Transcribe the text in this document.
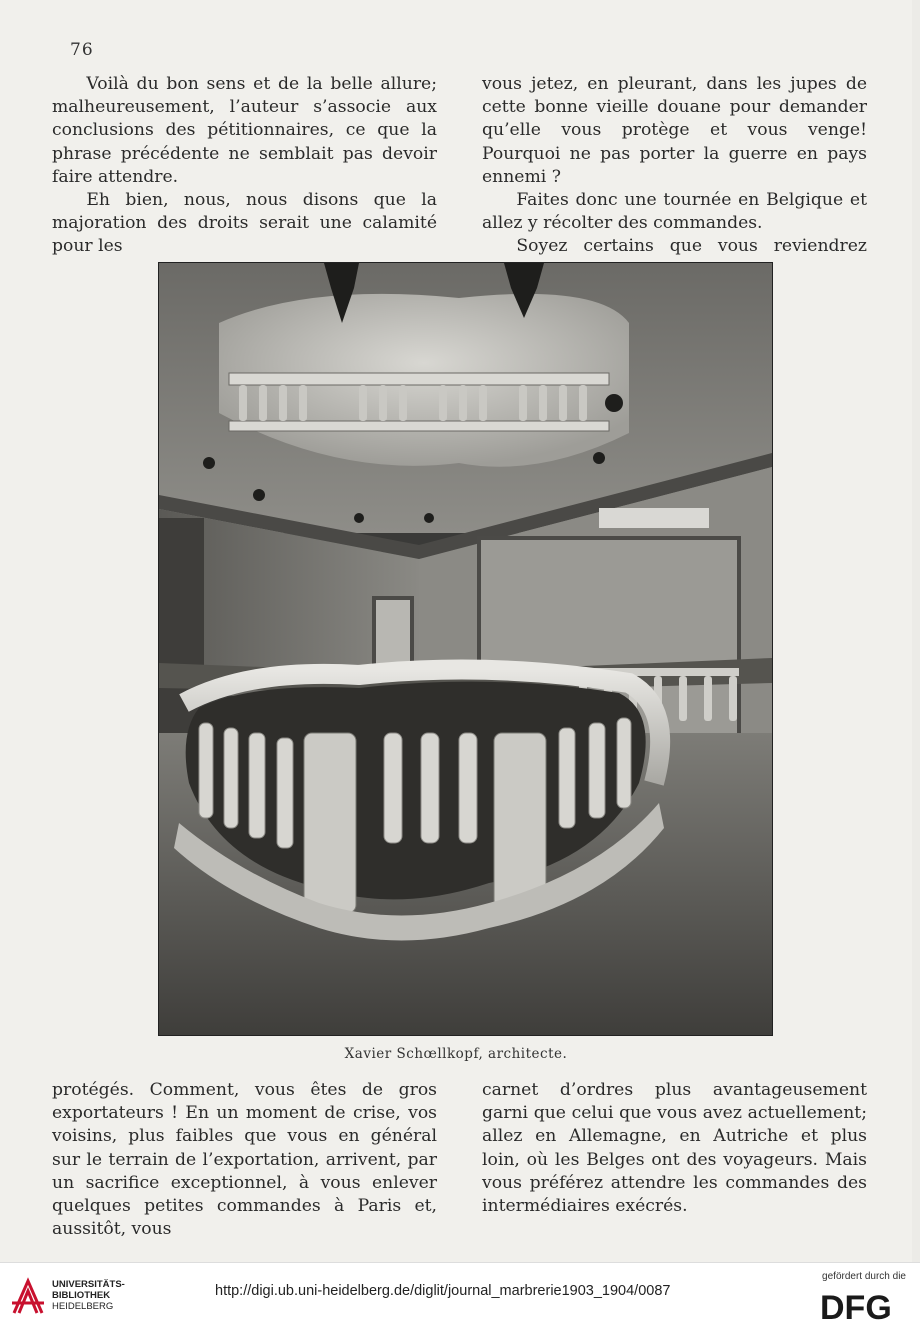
76

Voilà du bon sens et de la belle allure; malheureusement, l’auteur s’associe aux conclusions des pétitionnaires, ce que la phrase précédente ne semblait pas devoir faire attendre.

Eh bien, nous, nous disons que la majoration des droits serait une calamité pour les

vous jetez, en pleurant, dans les jupes de cette bonne vieille douane pour demander qu’elle vous protège et vous venge! Pourquoi ne pas porter la guerre en pays ennemi ?

Faites donc une tournée en Belgique et allez y récolter des commandes.

Soyez certains que vous reviendrez

Xavier Schœllkopf, architecte.

protégés. Comment, vous êtes de gros exportateurs ! En un moment de crise, vos voisins, plus faibles que vous en général sur le terrain de l’exportation, arrivent, par un sacrifice exceptionnel, à vous enlever quelques petites commandes à Paris et, aussitôt, vous

carnet d’ordres plus avantageusement garni que celui que vous avez actuellement; allez en Allemagne, en Autriche et plus loin, où les Belges ont des voyageurs. Mais vous préférez attendre les commandes des intermédiaires exécrés.

UNIVERSITÄTS-
BIBLIOTHEK
HEIDELBERG
http://digi.ub.uni-heidelberg.de/diglit/journal_marbrerie1903_1904/0087
gefördert durch die
DFG
